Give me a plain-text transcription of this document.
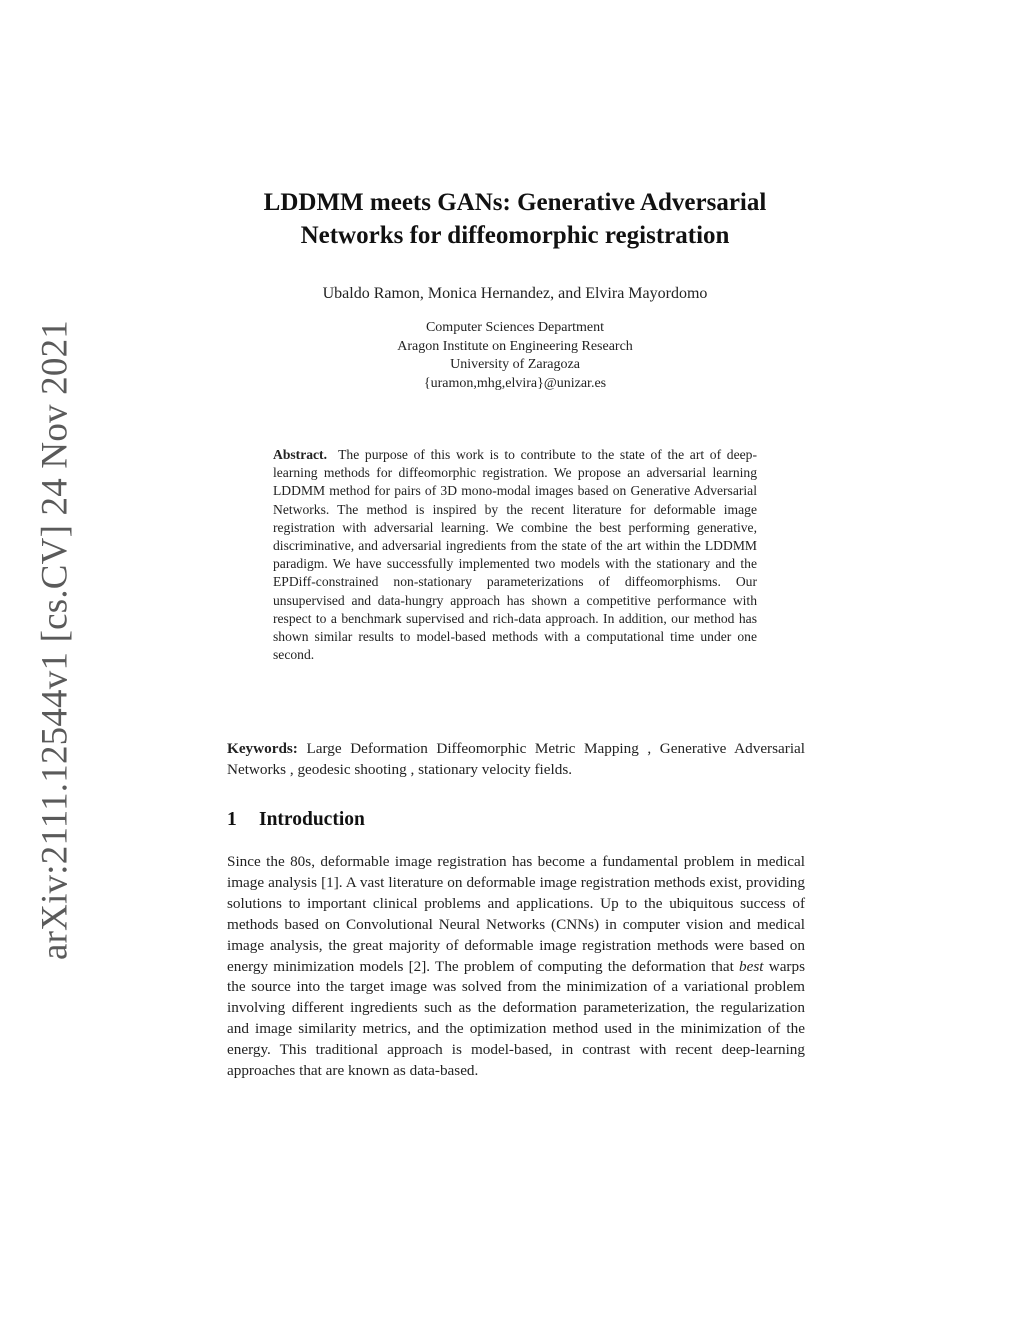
arXiv:2111.12544v1 [cs.CV] 24 Nov 2021
LDDMM meets GANs: Generative Adversarial
Networks for diffeomorphic registration
Ubaldo Ramon, Monica Hernandez, and Elvira Mayordomo
Computer Sciences Department
Aragon Institute on Engineering Research
University of Zaragoza
{uramon,mhg,elvira}@unizar.es

Abstract. The purpose of this work is to contribute to the state of the art of deep-learning methods for diffeomorphic registration. We propose an adversarial learning LDDMM method for pairs of 3D mono-modal images based on Generative Adversarial Networks. The method is inspired by the recent literature for deformable image registration with adversarial learning. We combine the best performing generative, discriminative, and adversarial ingredients from the state of the art within the LDDMM paradigm. We have successfully implemented two models with the stationary and the EPDiff-constrained non-stationary parameterizations of diffeomorphisms. Our unsupervised and data-hungry approach has shown a competitive performance with respect to a benchmark supervised and rich-data approach. In addition, our method has shown similar results to model-based methods with a computational time under one second.

Keywords: Large Deformation Diffeomorphic Metric Mapping , Generative Adversarial Networks , geodesic shooting , stationary velocity fields.

1 Introduction

Since the 80s, deformable image registration has become a fundamental problem in medical image analysis [1]. A vast literature on deformable image registration methods exist, providing solutions to important clinical problems and applications. Up to the ubiquitous success of methods based on Convolutional Neural Networks (CNNs) in computer vision and medical image analysis, the great majority of deformable image registration methods were based on energy minimization models [2]. The problem of computing the deformation that best warps the source into the target image was solved from the minimization of a variational problem involving different ingredients such as the deformation parameterization, the regularization and image similarity metrics, and the optimization method used in the minimization of the energy. This traditional approach is model-based, in contrast with recent deep-learning approaches that are known as data-based.
